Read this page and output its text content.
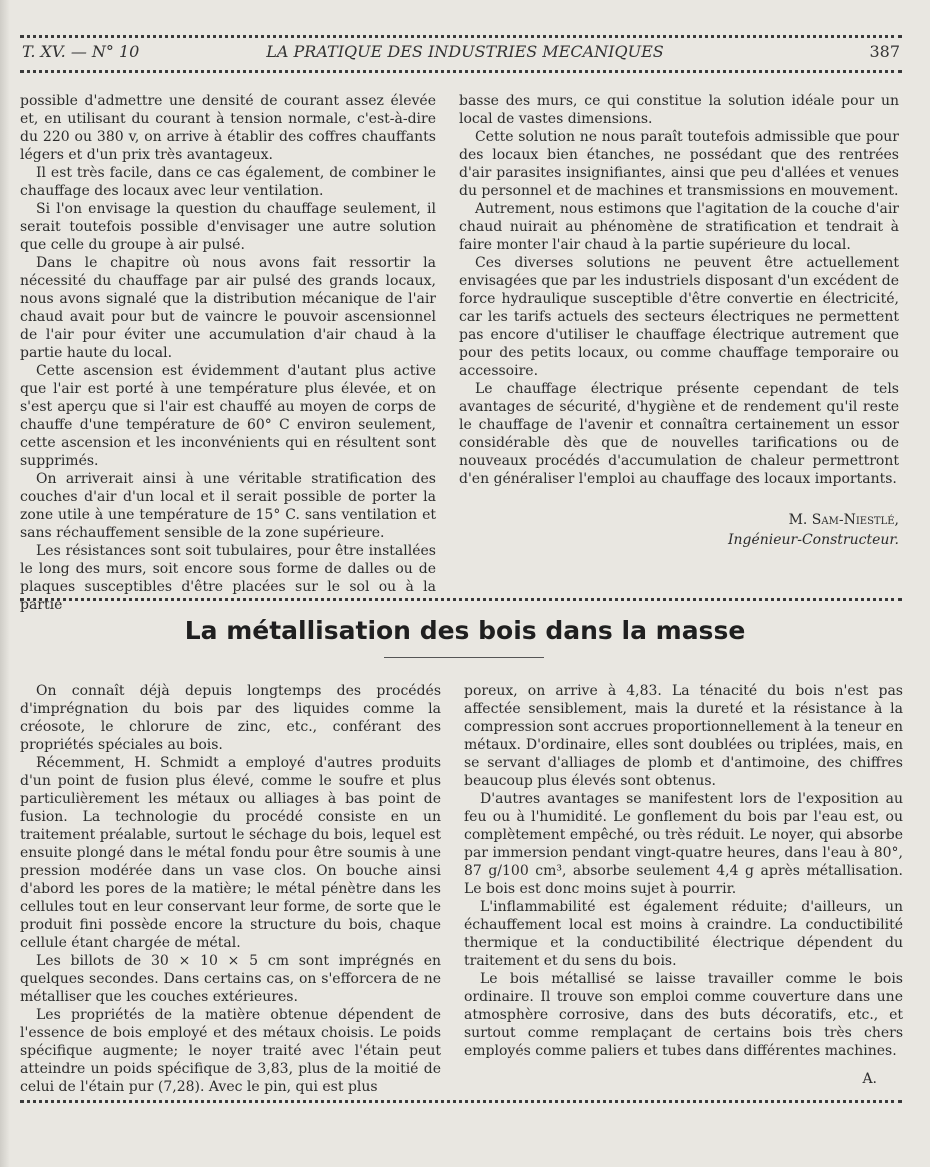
T. XV. — N° 10	LA PRATIQUE DES INDUSTRIES MECANIQUES	387

possible d'admettre une densité de courant assez élevée et, en utilisant du courant à tension normale, c'est-à-dire du 220 ou 380 v, on arrive à établir des coffres chauffants légers et d'un prix très avantageux.

Il est très facile, dans ce cas également, de combiner le chauffage des locaux avec leur ventilation.

Si l'on envisage la question du chauffage seulement, il serait toutefois possible d'envisager une autre solution que celle du groupe à air pulsé.

Dans le chapitre où nous avons fait ressortir la nécessité du chauffage par air pulsé des grands locaux, nous avons signalé que la distribution mécanique de l'air chaud avait pour but de vaincre le pouvoir ascensionnel de l'air pour éviter une accumulation d'air chaud à la partie haute du local.

Cette ascension est évidemment d'autant plus active que l'air est porté à une température plus élevée, et on s'est aperçu que si l'air est chauffé au moyen de corps de chauffe d'une température de 60° C environ seulement, cette ascension et les inconvénients qui en résultent sont supprimés.

On arriverait ainsi à une véritable stratification des couches d'air d'un local et il serait possible de porter la zone utile à une température de 15° C. sans ventilation et sans réchauffement sensible de la zone supérieure.

Les résistances sont soit tubulaires, pour être installées le long des murs, soit encore sous forme de dalles ou de plaques susceptibles d'être placées sur le sol ou à la partie

basse des murs, ce qui constitue la solution idéale pour un local de vastes dimensions.

Cette solution ne nous paraît toutefois admissible que pour des locaux bien étanches, ne possédant que des rentrées d'air parasites insignifiantes, ainsi que peu d'allées et venues du personnel et de machines et transmissions en mouvement.

Autrement, nous estimons que l'agitation de la couche d'air chaud nuirait au phénomène de stratification et tendrait à faire monter l'air chaud à la partie supérieure du local.

Ces diverses solutions ne peuvent être actuellement envisagées que par les industriels disposant d'un excédent de force hydraulique susceptible d'être convertie en électricité, car les tarifs actuels des secteurs électriques ne permettent pas encore d'utiliser le chauffage électrique autrement que pour des petits locaux, ou comme chauffage temporaire ou accessoire.

Le chauffage électrique présente cependant de tels avantages de sécurité, d'hygiène et de rendement qu'il reste le chauffage de l'avenir et connaîtra certainement un essor considérable dès que de nouvelles tarifications ou de nouveaux procédés d'accumulation de chaleur permettront d'en généraliser l'emploi au chauffage des locaux importants.

M. Sam-Niestlé,
Ingénieur-Constructeur.
La métallisation des bois dans la masse

On connaît déjà depuis longtemps des procédés d'imprégnation du bois par des liquides comme la créosote, le chlorure de zinc, etc., conférant des propriétés spéciales au bois.

Récemment, H. Schmidt a employé d'autres produits d'un point de fusion plus élevé, comme le soufre et plus particulièrement les métaux ou alliages à bas point de fusion. La technologie du procédé consiste en un traitement préalable, surtout le séchage du bois, lequel est ensuite plongé dans le métal fondu pour être soumis à une pression modérée dans un vase clos. On bouche ainsi d'abord les pores de la matière; le métal pénètre dans les cellules tout en leur conservant leur forme, de sorte que le produit fini possède encore la structure du bois, chaque cellule étant chargée de métal.

Les billots de 30 × 10 × 5 cm sont imprégnés en quelques secondes. Dans certains cas, on s'efforcera de ne métalliser que les couches extérieures.

Les propriétés de la matière obtenue dépendent de l'essence de bois employé et des métaux choisis. Le poids spécifique augmente; le noyer traité avec l'étain peut atteindre un poids spécifique de 3,83, plus de la moitié de celui de l'étain pur (7,28). Avec le pin, qui est plus

poreux, on arrive à 4,83. La ténacité du bois n'est pas affectée sensiblement, mais la dureté et la résistance à la compression sont accrues proportionnellement à la teneur en métaux. D'ordinaire, elles sont doublées ou triplées, mais, en se servant d'alliages de plomb et d'antimoine, des chiffres beaucoup plus élevés sont obtenus.

D'autres avantages se manifestent lors de l'exposition au feu ou à l'humidité. Le gonflement du bois par l'eau est, ou complètement empêché, ou très réduit. Le noyer, qui absorbe par immersion pendant vingt-quatre heures, dans l'eau à 80°, 87 g/100 cm³, absorbe seulement 4,4 g après métallisation. Le bois est donc moins sujet à pourrir.

L'inflammabilité est également réduite; d'ailleurs, un échauffement local est moins à craindre. La conductibilité thermique et la conductibilité électrique dépendent du traitement et du sens du bois.

Le bois métallisé se laisse travailler comme le bois ordinaire. Il trouve son emploi comme couverture dans une atmosphère corrosive, dans des buts décoratifs, etc., et surtout comme remplaçant de certains bois très chers employés comme paliers et tubes dans différentes machines.

A.
